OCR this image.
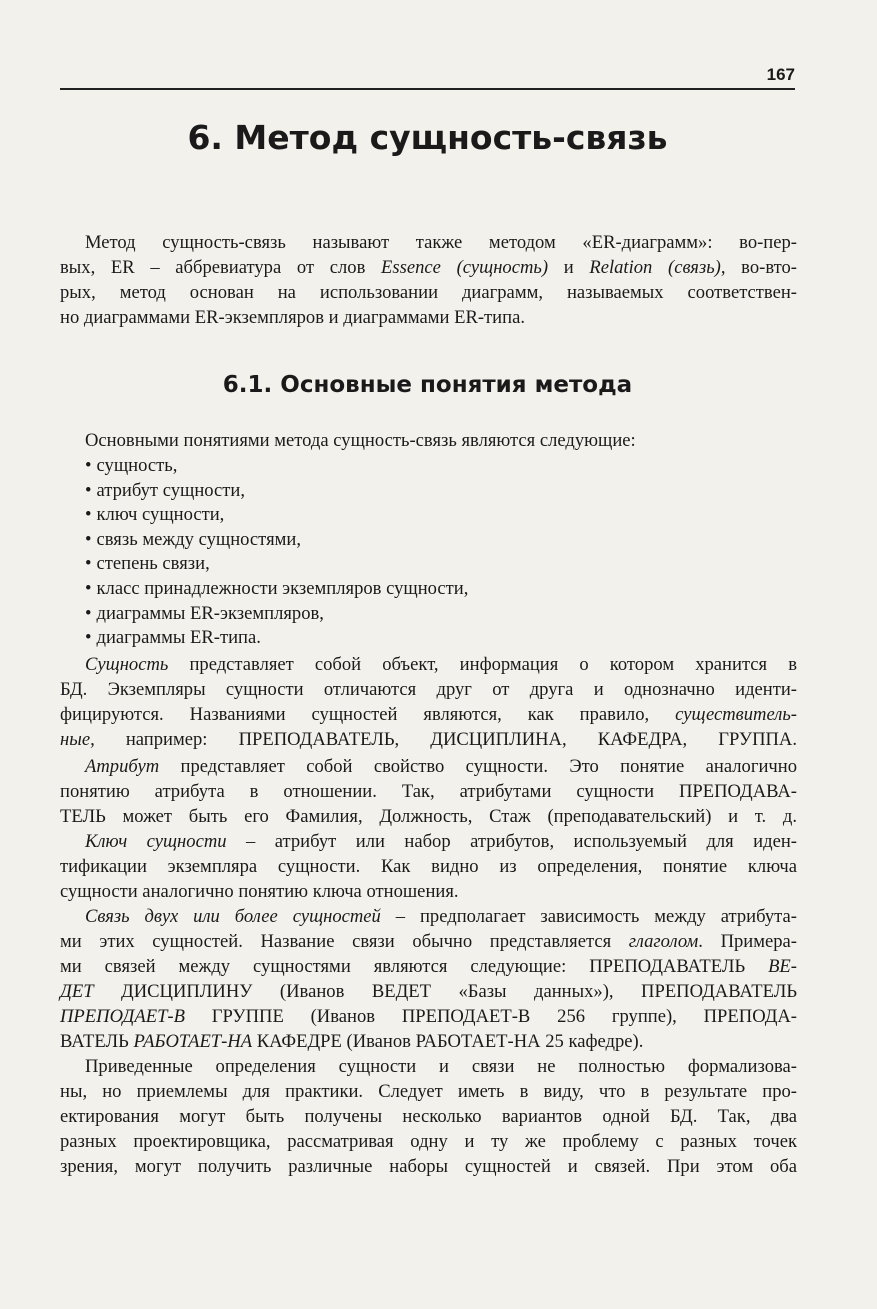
167
6. Метод сущность-связь
Метод сущность-связь называют также методом «ER-диаграмм»: во-пер-
вых, ER – аббревиатура от слов Essence (сущность) и Relation (связь), во-вто-
рых, метод основан на использовании диаграмм, называемых соответствен-
но диаграммами ER-экземпляров и диаграммами ER-типа.
6.1. Основные понятия метода
Основными понятиями метода сущность-связь являются следующие:
• сущность,
• атрибут сущности,
• ключ сущности,
• связь между сущностями,
• степень связи,
• класс принадлежности экземпляров сущности,
• диаграммы ER-экземпляров,
• диаграммы ER-типа.
Сущность представляет собой объект, информация о котором хранится в
БД. Экземпляры сущности отличаются друг от друга и однозначно иденти-
фицируются. Названиями сущностей являются, как правило, существитель-
ные, например: ПРЕПОДАВАТЕЛЬ, ДИСЦИПЛИНА, КАФЕДРА, ГРУППА.
Атрибут представляет собой свойство сущности. Это понятие аналогично
понятию атрибута в отношении. Так, атрибутами сущности ПРЕПОДАВА-
ТЕЛЬ может быть его Фамилия, Должность, Стаж (преподавательский) и т. д.
Ключ сущности – атрибут или набор атрибутов, используемый для иден-
тификации экземпляра сущности. Как видно из определения, понятие ключа
сущности аналогично понятию ключа отношения.
Связь двух или более сущностей – предполагает зависимость между атрибута-
ми этих сущностей. Название связи обычно представляется глаголом. Примера-
ми связей между сущностями являются следующие: ПРЕПОДАВАТЕЛЬ ВЕ-
ДЕТ ДИСЦИПЛИНУ (Иванов ВЕДЕТ «Базы данных»), ПРЕПОДАВАТЕЛЬ
ПРЕПОДАЕТ-В ГРУППЕ (Иванов ПРЕПОДАЕТ-В 256 группе), ПРЕПОДА-
ВАТЕЛЬ РАБОТАЕТ-НА КАФЕДРЕ (Иванов РАБОТАЕТ-НА 25 кафедре).
Приведенные определения сущности и связи не полностью формализова-
ны, но приемлемы для практики. Следует иметь в виду, что в результате про-
ектирования могут быть получены несколько вариантов одной БД. Так, два
разных проектировщика, рассматривая одну и ту же проблему с разных точек
зрения, могут получить различные наборы сущностей и связей. При этом оба
